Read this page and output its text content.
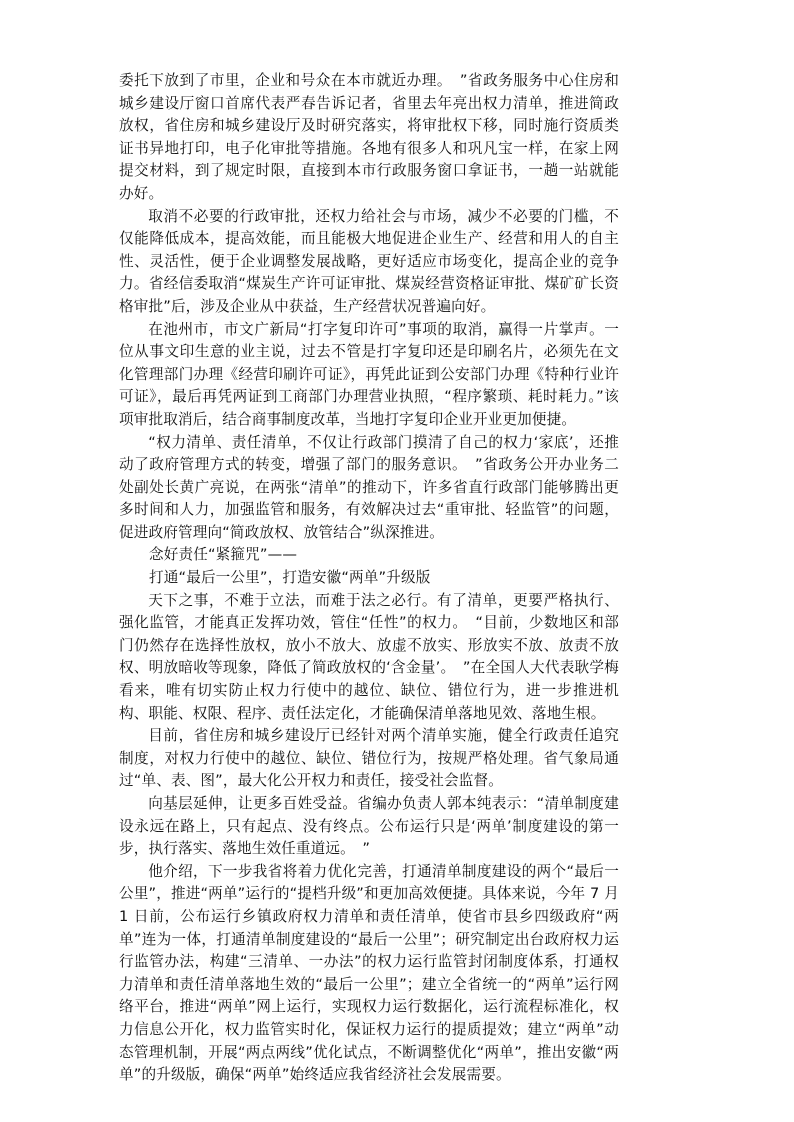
委托下放到了市里，企业和号众在本市就近办理。　”省政务服务中心住房和城乡建设厅窗口首席代表严春告诉记者，省里去年亮出权力清单，推进简政放权，省住房和城乡建设厅及时研究落实，将审批权下移，同时施行资质类证书异地打印，电子化审批等措施。各地有很多人和巩凡宝一样，在家上网提交材料，到了规定时限，直接到本市行政服务窗口拿证书，一趟一站就能办好。

取消不必要的行政审批，还权力给社会与市场，减少不必要的门槛，不仅能降低成本，提高效能，而且能极大地促进企业生产、经营和用人的自主性、灵活性，便于企业调整发展战略，更好适应市场变化，提高企业的竞争力。省经信委取消“煤炭生产许可证审批、煤炭经营资格证审批、煤矿矿长资格审批”后，涉及企业从中获益，生产经营状况普遍向好。

在池州市，市文广新局“打字复印许可”事项的取消，赢得一片掌声。一位从事文印生意的业主说，过去不管是打字复印还是印刷名片，必须先在文化管理部门办理《经营印刷许可证》，再凭此证到公安部门办理《特种行业许可证》，最后再凭两证到工商部门办理营业执照，“程序繁琐、耗时耗力。”该项审批取消后，结合商事制度改革，当地打字复印企业开业更加便捷。

“权力清单、责任清单，不仅让行政部门摸清了自己的权力‘家底’，还推动了政府管理方式的转变，增强了部门的服务意识。　”省政务公开办业务二处副处长黄广亮说，在两张“清单”的推动下，许多省直行政部门能够腾出更多时间和人力，加强监管和服务，有效解决过去“重审批、轻监管”的问题，促进政府管理向“简政放权、放管结合”纵深推进。

念好责任“紧箍咒”——

打通“最后一公里”，打造安徽“两单”升级版

天下之事，不难于立法，而难于法之必行。有了清单，更要严格执行、强化监管，才能真正发挥功效，管住“任性”的权力。　“目前，少数地区和部门仍然存在选择性放权，放小不放大、放虚不放实、形放实不放、放责不放权、明放暗收等现象，降低了简政放权的‘含金量’。　”在全国人大代表耿学梅看来，唯有切实防止权力行使中的越位、缺位、错位行为，进一步推进机构、职能、权限、程序、责任法定化，才能确保清单落地见效、落地生根。

目前，省住房和城乡建设厅已经针对两个清单实施，健全行政责任追究制度，对权力行使中的越位、缺位、错位行为，按规严格处理。省气象局通过“单、表、图”，最大化公开权力和责任，接受社会监督。

向基层延伸，让更多百姓受益。省编办负责人郭本纯表示：“清单制度建设永远在路上，只有起点、没有终点。公布运行只是‘两单’制度建设的第一步，执行落实、落地生效任重道远。　”

他介绍，下一步我省将着力优化完善，打通清单制度建设的两个“最后一公里”，推进“两单”运行的“提档升级”和更加高效便捷。具体来说，今年 7 月 1 日前，公布运行乡镇政府权力清单和责任清单，使省市县乡四级政府“两单”连为一体，打通清单制度建设的“最后一公里”；研究制定出台政府权力运行监管办法，构建“三清单、一办法”的权力运行监管封闭制度体系，打通权力清单和责任清单落地生效的“最后一公里”；建立全省统一的“两单”运行网络平台，推进“两单”网上运行，实现权力运行数据化，运行流程标准化，权力信息公开化，权力监管实时化，保证权力运行的提质提效；建立“两单”动态管理机制，开展“两点两线”优化试点，不断调整优化“两单”，推出安徽“两单”的升级版，确保“两单”始终适应我省经济社会发展需要。
